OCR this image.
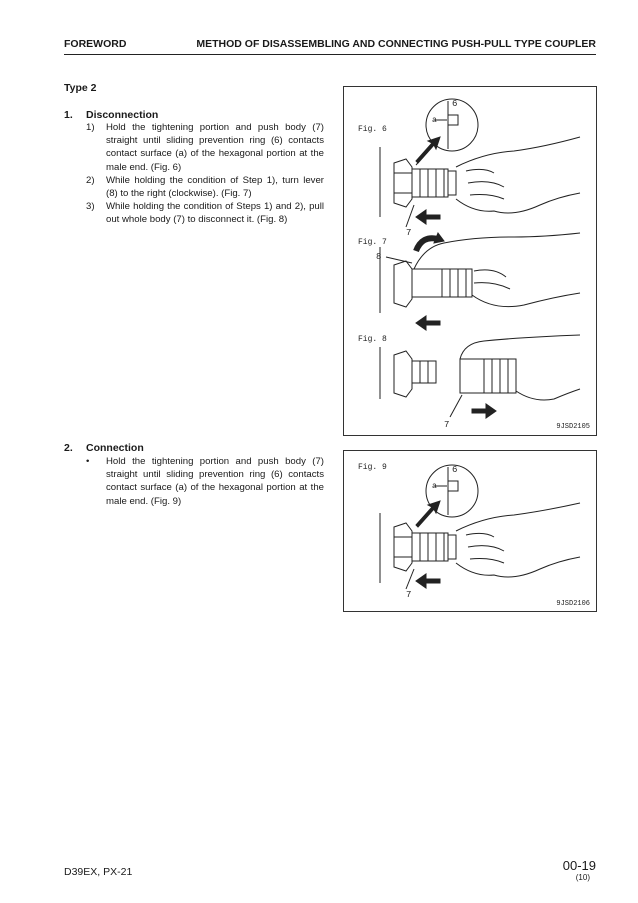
FOREWORD	METHOD OF DISASSEMBLING AND CONNECTING PUSH-PULL TYPE COUPLER
Type 2
1. Disconnection
1) Hold the tightening portion and push body (7) straight until sliding prevention ring (6) contacts contact surface (a) of the hexagonal portion at the male end. (Fig. 6)
2) While holding the condition of Step 1), turn lever (8) to the right (clockwise). (Fig. 7)
3) While holding the condition of Steps 1) and 2), pull out whole body (7) to disconnect it. (Fig. 8)
2. Connection
• Hold the tightening portion and push body (7) straight until sliding prevention ring (6) contacts contact surface (a) of the hexagonal portion at the male end. (Fig. 9)
Fig. 6
6
a
7
Fig. 7
8
Fig. 8
7	9JSD2105
Fig. 9	6
a
7
9JSD2106
D39EX, PX-21	00-19
(10)
